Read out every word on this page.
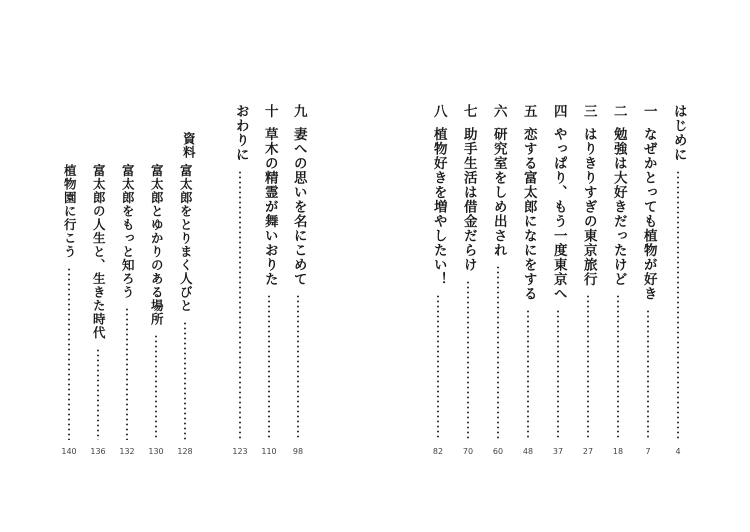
はじめに
4
一
なぜかとっても植物が好き
7
二
勉強は大好きだったけど
18
三
はりきりすぎの東京旅行
27
四
やっぱり、もう一度東京へ
37
五
恋する富太郎になにをする
48
六
研究室をしめ出され
60
七
助手生活は借金だらけ
70
八
植物好きを増やしたい！
82
九
妻への思いを名にこめて
98
十
草木の精霊が舞いおりた
110
おわりに
123
資料
富太郎をとりまく人びと
128
富太郎とゆかりのある場所
130
富太郎をもっと知ろう
132
富太郎の人生と、生きた時代
136
植物園に行こう
140
